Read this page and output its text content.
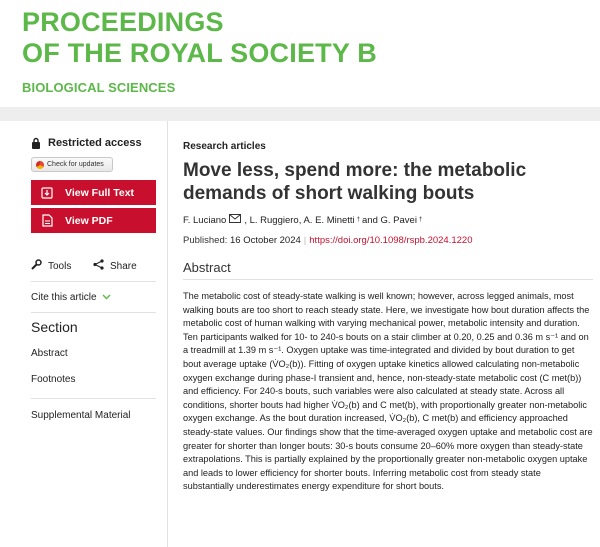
PROCEEDINGS
OF THE ROYAL SOCIETY B
BIOLOGICAL SCIENCES
Restricted access
Check for updates
View Full Text
View PDF
Tools	Share
Cite this article
Section
Abstract
Footnotes
Supplemental Material
Research articles
Move less, spend more: the metabolic demands of short walking bouts
F. Luciano , L. Ruggiero, A. E. Minetti † and G. Pavei †
Published: 16 October 2024 | https://doi.org/10.1098/rspb.2024.1220
Abstract

The metabolic cost of steady-state walking is well known; however, across legged animals, most walking bouts are too short to reach steady state. Here, we investigate how bout duration affects the metabolic cost of human walking with varying mechanical power, metabolic intensity and duration. Ten participants walked for 10- to 240-s bouts on a stair climber at 0.20, 0.25 and 0.36 m s⁻¹ and on a treadmill at 1.39 m s⁻¹. Oxygen uptake was time-integrated and divided by bout duration to get bout average uptake (V̇O₂(b)). Fitting of oxygen uptake kinetics allowed calculating non-metabolic oxygen exchange during phase-I transient and, hence, non-steady-state metabolic cost (C met(b)) and efficiency. For 240-s bouts, such variables were also calculated at steady state. Across all conditions, shorter bouts had higher V̇O₂(b) and C met(b), with proportionally greater non-metabolic oxygen exchange. As the bout duration increased, V̇O₂(b), C met(b) and efficiency approached steady-state values. Our findings show that the time-averaged oxygen uptake and metabolic cost are greater for shorter than longer bouts: 30-s bouts consume 20–60% more oxygen than steady-state extrapolations. This is partially explained by the proportionally greater non-metabolic oxygen uptake and leads to lower efficiency for shorter bouts. Inferring metabolic cost from steady state substantially underestimates energy expenditure for short bouts.
